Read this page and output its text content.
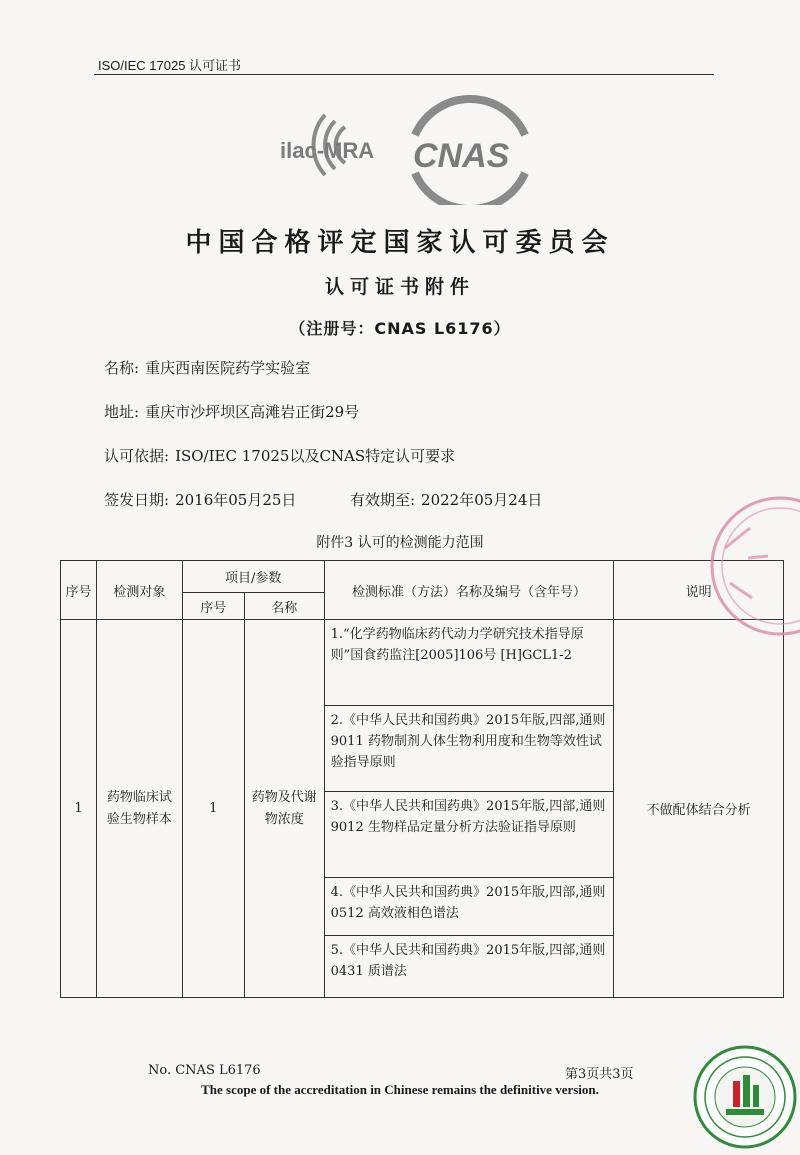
ISO/IEC 17025 认可证书
ilac-MRA CNAS
中国合格评定国家认可委员会
认可证书附件
（注册号：CNAS L6176）
名称: 重庆西南医院药学实验室
地址: 重庆市沙坪坝区高滩岩正街29号
认可依据: ISO/IEC 17025以及CNAS特定认可要求
签发日期: 2016年05月25日	有效期至: 2022年05月24日
附件3 认可的检测能力范围
序号	检测对象	项目/参数		检测标准（方法）名称及编号（含年号）	说明
		序号	名称		
1	药物临床试验生物样本	1	药物及代谢物浓度	1.“化学药物临床药代动力学研究技术指导原则”国食药监注[2005]106号 [H]GCL1-2	不做配体结合分析
				2.《中华人民共和国药典》2015年版,四部,通则9011 药物制剂人体生物利用度和生物等效性试验指导原则	
				3.《中华人民共和国药典》2015年版,四部,通则9012 生物样品定量分析方法验证指导原则	
				4.《中华人民共和国药典》2015年版,四部,通则0512 高效液相色谱法	
				5.《中华人民共和国药典》2015年版,四部,通则0431 质谱法	
No. CNAS L6176	第3页共3页
The scope of the accreditation in Chinese remains the definitive version.
